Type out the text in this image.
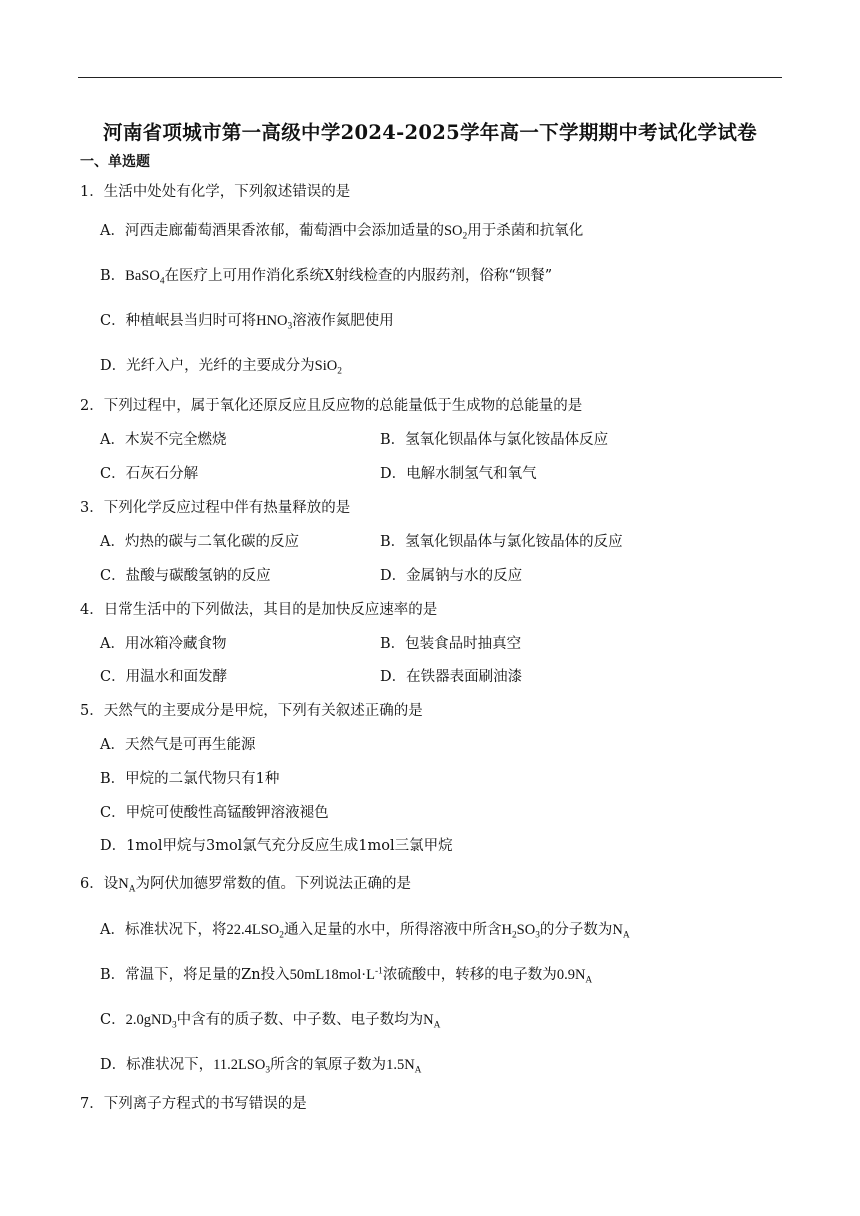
河南省项城市第一高级中学2024-2025学年高一下学期期中考试化学试卷
一、单选题
1．生活中处处有化学，下列叙述错误的是
A．河西走廊葡萄酒果香浓郁，葡萄酒中会添加适量的$SO_2$用于杀菌和抗氧化
B．BaSO$_4$在医疗上可用作消化系统X射线检查的内服药剂，俗称“钡餐”
C．种植岷县当归时可将$HNO_3$溶液作氮肥使用
D．光纤入户，光纤的主要成分为SiO$_2$
2．下列过程中，属于氧化还原反应且反应物的总能量低于生成物的总能量的是
A．木炭不完全燃烧	B．氢氧化钡晶体与氯化铵晶体反应
C．石灰石分解	D．电解水制氢气和氧气
3．下列化学反应过程中伴有热量释放的是
A．灼热的碳与二氧化碳的反应	B．氢氧化钡晶体与氯化铵晶体的反应
C．盐酸与碳酸氢钠的反应	D．金属钠与水的反应
4．日常生活中的下列做法，其目的是加快反应速率的是
A．用冰箱冷藏食物	B．包装食品时抽真空
C．用温水和面发酵	D．在铁器表面刷油漆
5．天然气的主要成分是甲烷，下列有关叙述正确的是
A．天然气是可再生能源
B．甲烷的二氯代物只有1种
C．甲烷可使酸性高锰酸钾溶液褪色
D．1mol甲烷与3mol氯气充分反应生成1mol三氯甲烷
6．设$N_A$为阿伏加德罗常数的值。下列说法正确的是
A．标准状况下，将$22.4LSO_2$通入足量的水中，所得溶液中所含$H_2SO_3$的分子数为$N_A$
B．常温下，将足量的Zn投入$50mL18mol\cdot L^{-1}$浓硫酸中，转移的电子数为$0.9N_A$
C．2.0gND$_3$中含有的质子数、中子数、电子数均为$N_A$
D．标准状况下，$11.2LSO_3$所含的氧原子数为$1.5N_A$
7．下列离子方程式的书写错误的是
